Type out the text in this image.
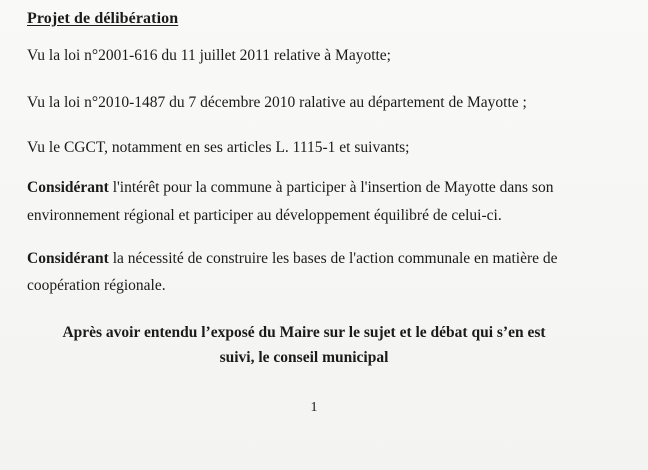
Projet de délibération
Vu la loi n°2001-616 du 11 juillet 2011 relative à Mayotte;
Vu la loi n°2010-1487 du 7 décembre 2010 ralative au département de Mayotte ;
Vu le CGCT, notamment en ses articles L. 1115-1 et suivants;
Considérant l'intérêt pour la commune à participer à l'insertion de Mayotte dans son
environnement régional et participer au développement équilibré de celui-ci.
Considérant la nécessité de construire les bases de l'action communale en matière de
coopération régionale.
Après avoir entendu l’exposé du Maire sur le sujet et le débat qui s’en est
suivi, le conseil municipal
1
